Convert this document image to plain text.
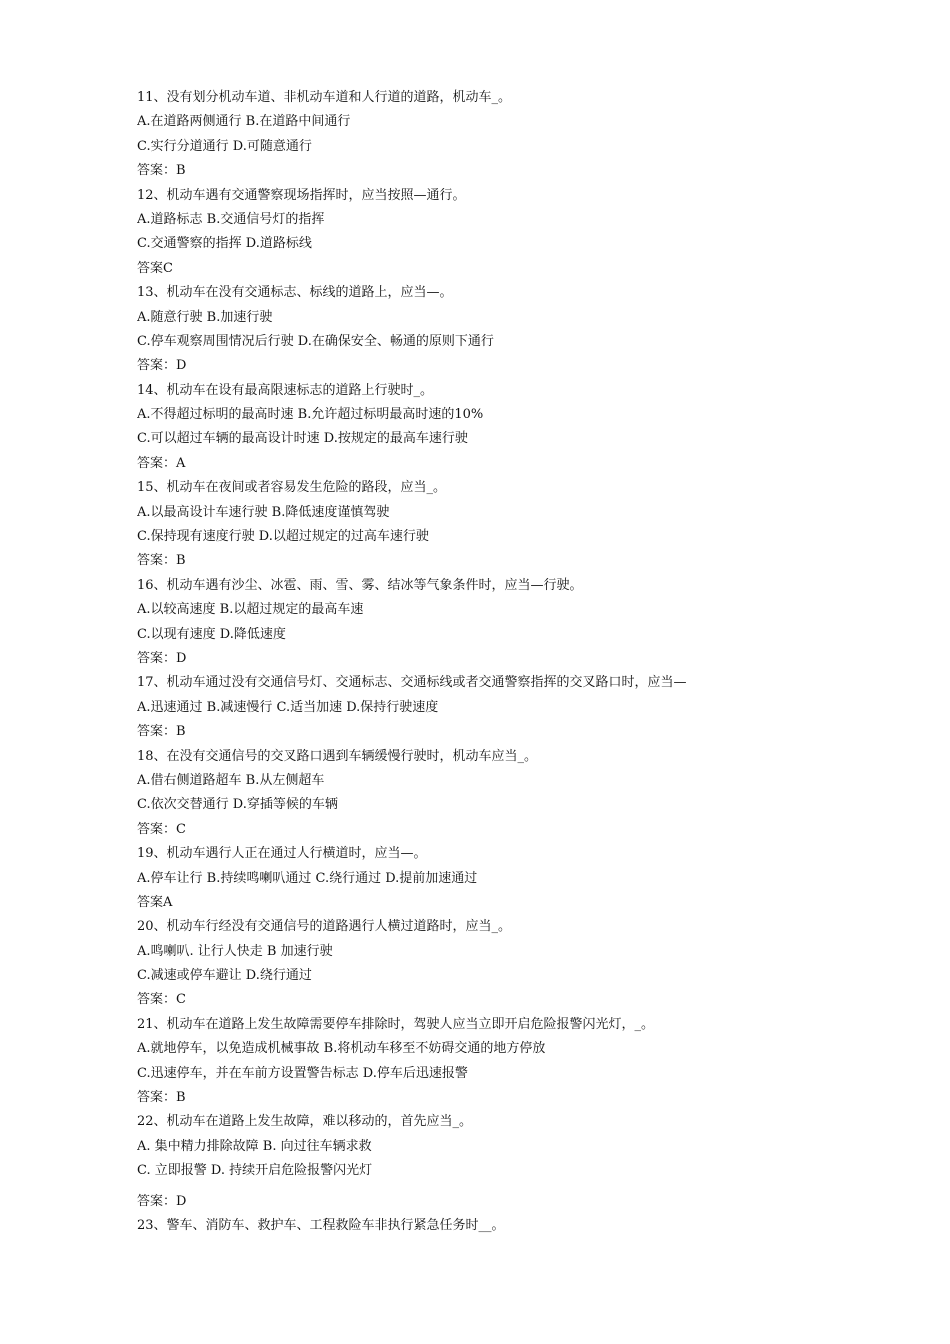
11、没有划分机动车道、非机动车道和人行道的道路，机动车_。
A.在道路两侧通行 B.在道路中间通行
C.实行分道通行 D.可随意通行
答案：B
12、机动车遇有交通警察现场指挥时，应当按照—通行。
A.道路标志 B.交通信号灯的指挥
C.交通警察的指挥 D.道路标线
答案C
13、机动车在没有交通标志、标线的道路上，应当—。
A.随意行驶 B.加速行驶
C.停车观察周围情况后行驶 D.在确保安全、畅通的原则下通行
答案：D
14、机动车在设有最高限速标志的道路上行驶时_。
A.不得超过标明的最高时速 B.允许超过标明最高时速的10%
C.可以超过车辆的最高设计时速 D.按规定的最高车速行驶
答案：A
15、机动车在夜间或者容易发生危险的路段，应当_。
A.以最高设计车速行驶 B.降低速度谨慎驾驶
C.保持现有速度行驶 D.以超过规定的过高车速行驶
答案：B
16、机动车遇有沙尘、冰雹、雨、雪、雾、结冰等气象条件时，应当—行驶。
A.以较高速度 B.以超过规定的最高车速
C.以现有速度 D.降低速度
答案：D
17、机动车通过没有交通信号灯、交通标志、交通标线或者交通警察指挥的交叉路口时，应当—
A.迅速通过 B.减速慢行 C.适当加速 D.保持行驶速度
答案：B
18、在没有交通信号的交叉路口遇到车辆缓慢行驶时，机动车应当_。
A.借右侧道路超车 B.从左侧超车
C.依次交替通行 D.穿插等候的车辆
答案：C
19、机动车遇行人正在通过人行横道时，应当—。
A.停车让行 B.持续鸣喇叭通过 C.绕行通过 D.提前加速通过
答案A
20、机动车行经没有交通信号的道路遇行人横过道路时，应当_。
A.鸣喇叭. 让行人快走 B 加速行驶
C.减速或停车避让 D.绕行通过
答案：C
21、机动车在道路上发生故障需要停车排除时，驾驶人应当立即开启危险报警闪光灯，_。
A.就地停车，以免造成机械事故 B.将机动车移至不妨碍交通的地方停放
C.迅速停车，并在车前方设置警告标志 D.停车后迅速报警
答案：B
22、机动车在道路上发生故障，难以移动的，首先应当_。
A. 集中精力排除故障 B. 向过往车辆求救
C. 立即报警 D. 持续开启危险报警闪光灯
答案：D
23、警车、消防车、救护车、工程救险车非执行紧急任务时__。
